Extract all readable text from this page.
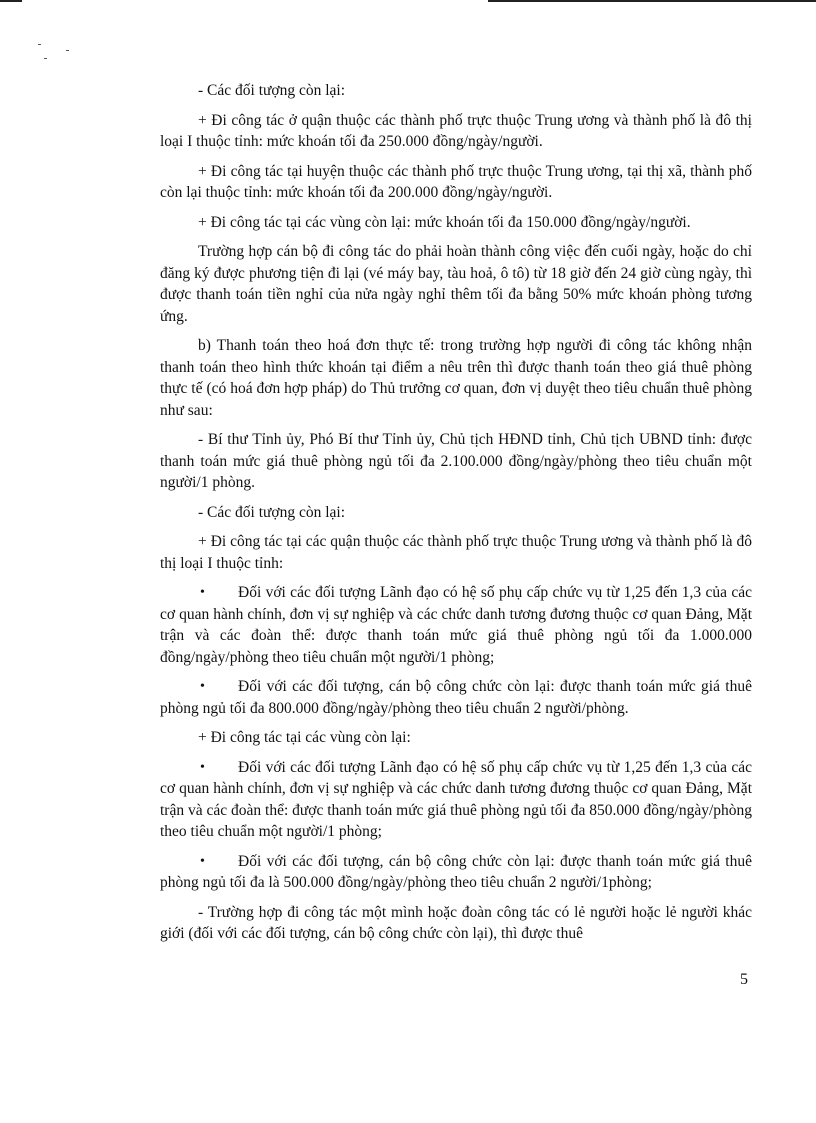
- Các đối tượng còn lại:

+ Đi công tác ở quận thuộc các thành phố trực thuộc Trung ương và thành phố là đô thị loại I thuộc tỉnh: mức khoán tối đa 250.000 đồng/ngày/người.

+ Đi công tác tại huyện thuộc các thành phố trực thuộc Trung ương, tại thị xã, thành phố còn lại thuộc tỉnh: mức khoán tối đa 200.000 đồng/ngày/người.

+ Đi công tác tại các vùng còn lại: mức khoán tối đa 150.000 đồng/ngày/người.

Trường hợp cán bộ đi công tác do phải hoàn thành công việc đến cuối ngày, hoặc do chỉ đăng ký được phương tiện đi lại (vé máy bay, tàu hoả, ô tô) từ 18 giờ đến 24 giờ cùng ngày, thì được thanh toán tiền nghỉ của nửa ngày nghỉ thêm tối đa bằng 50% mức khoán phòng tương ứng.

b) Thanh toán theo hoá đơn thực tế: trong trường hợp người đi công tác không nhận thanh toán theo hình thức khoán tại điểm a nêu trên thì được thanh toán theo giá thuê phòng thực tế (có hoá đơn hợp pháp) do Thủ trưởng cơ quan, đơn vị duyệt theo tiêu chuẩn thuê phòng như sau:

- Bí thư Tỉnh ủy, Phó Bí thư Tỉnh ủy, Chủ tịch HĐND tỉnh, Chủ tịch UBND tỉnh: được thanh toán mức giá thuê phòng ngủ tối đa 2.100.000 đồng/ngày/phòng theo tiêu chuẩn một người/1 phòng.

- Các đối tượng còn lại:

+ Đi công tác tại các quận thuộc các thành phố trực thuộc Trung ương và thành phố là đô thị loại I thuộc tỉnh:

• Đối với các đối tượng Lãnh đạo có hệ số phụ cấp chức vụ từ 1,25 đến 1,3 của các cơ quan hành chính, đơn vị sự nghiệp và các chức danh tương đương thuộc cơ quan Đảng, Mặt trận và các đoàn thể: được thanh toán mức giá thuê phòng ngủ tối đa 1.000.000 đồng/ngày/phòng theo tiêu chuẩn một người/1 phòng;

• Đối với các đối tượng, cán bộ công chức còn lại: được thanh toán mức giá thuê phòng ngủ tối đa 800.000 đồng/ngày/phòng theo tiêu chuẩn 2 người/phòng.

+ Đi công tác tại các vùng còn lại:

• Đối với các đối tượng Lãnh đạo có hệ số phụ cấp chức vụ từ 1,25 đến 1,3 của các cơ quan hành chính, đơn vị sự nghiệp và các chức danh tương đương thuộc cơ quan Đảng, Mặt trận và các đoàn thể: được thanh toán mức giá thuê phòng ngủ tối đa 850.000 đồng/ngày/phòng theo tiêu chuẩn một người/1 phòng;

• Đối với các đối tượng, cán bộ công chức còn lại: được thanh toán mức giá thuê phòng ngủ tối đa là 500.000 đồng/ngày/phòng theo tiêu chuẩn 2 người/1phòng;

- Trường hợp đi công tác một mình hoặc đoàn công tác có lẻ người hoặc lẻ người khác giới (đối với các đối tượng, cán bộ công chức còn lại), thì được thuê

5
